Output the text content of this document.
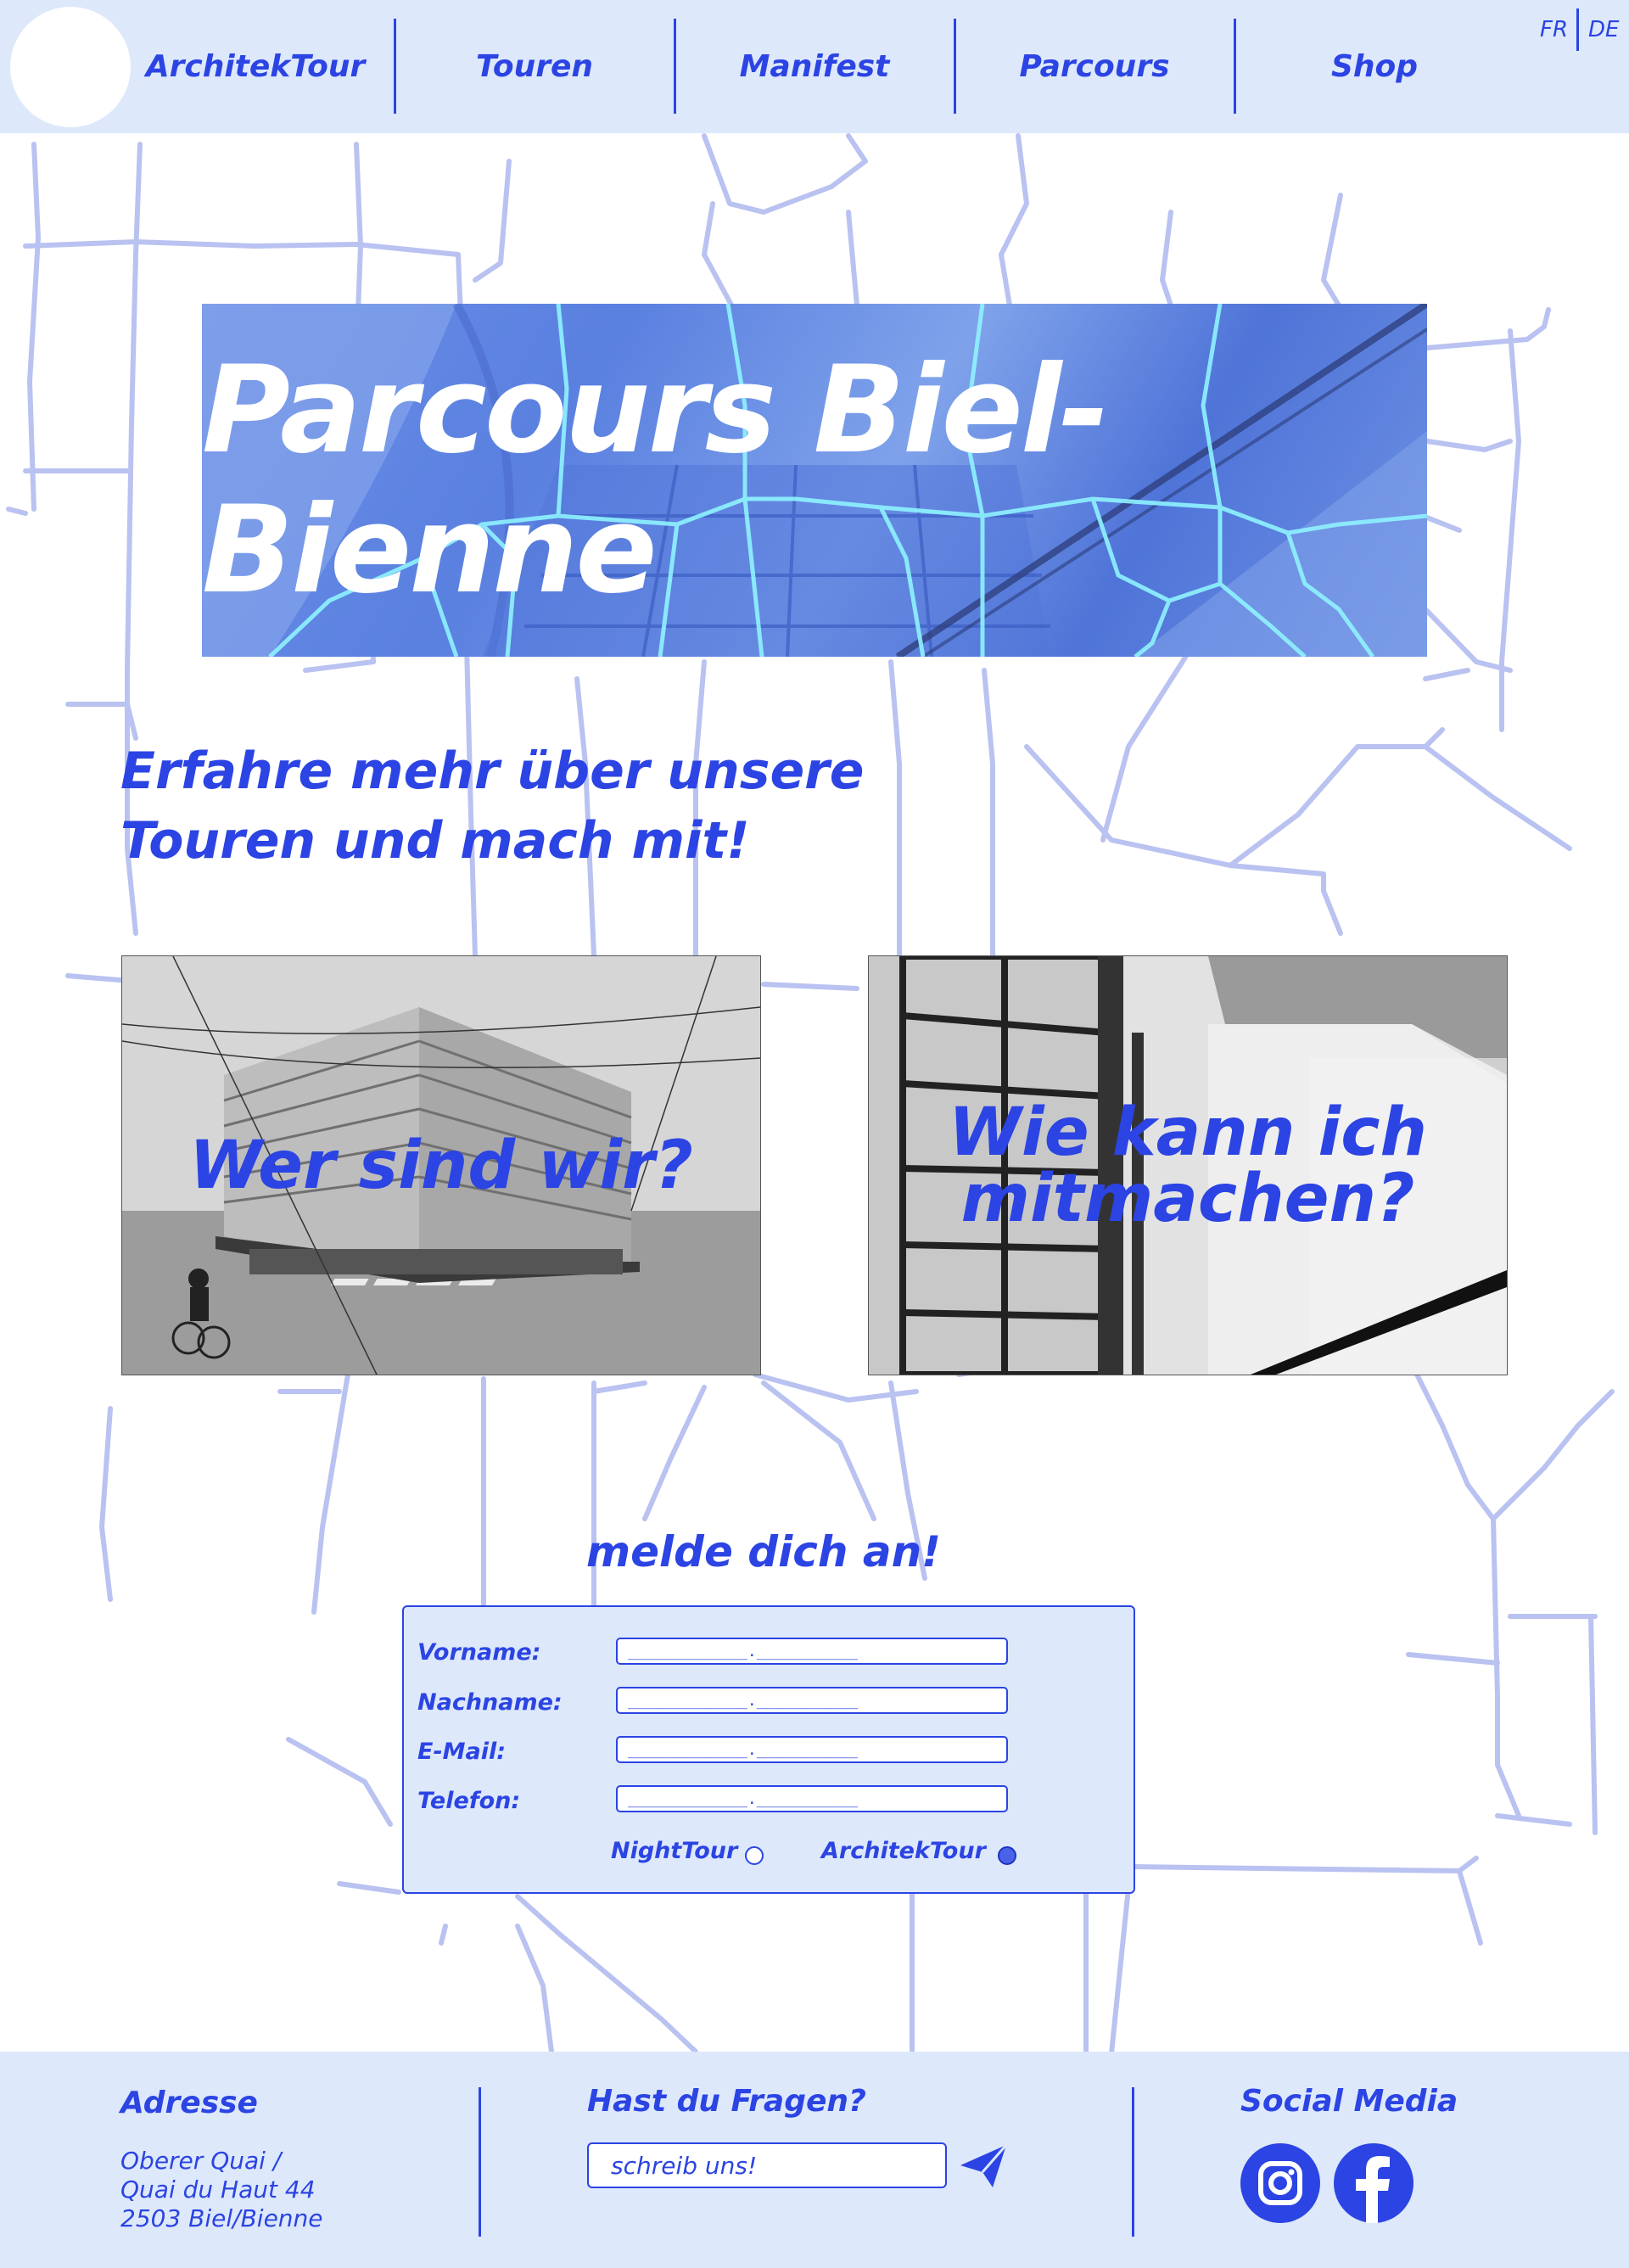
ArchitekTour	Touren	Manifest	Parcours	Shop
FR DE
Parcours Biel-Bienne
Erfahre mehr über unsere
Touren und mach mit!
Wer sind wir?	Wie kann ich mitmachen?
melde dich an!
Vorname:
_____________.___________
Nachname:
_____________.___________
E-Mail:
_____________.___________
Telefon:
_____________.___________
NightTour	ArchitekTour
Adresse
Oberer Quai /
Quai du Haut 44
2503 Biel/Bienne
Hast du Fragen?
schreib uns!	Social Media
